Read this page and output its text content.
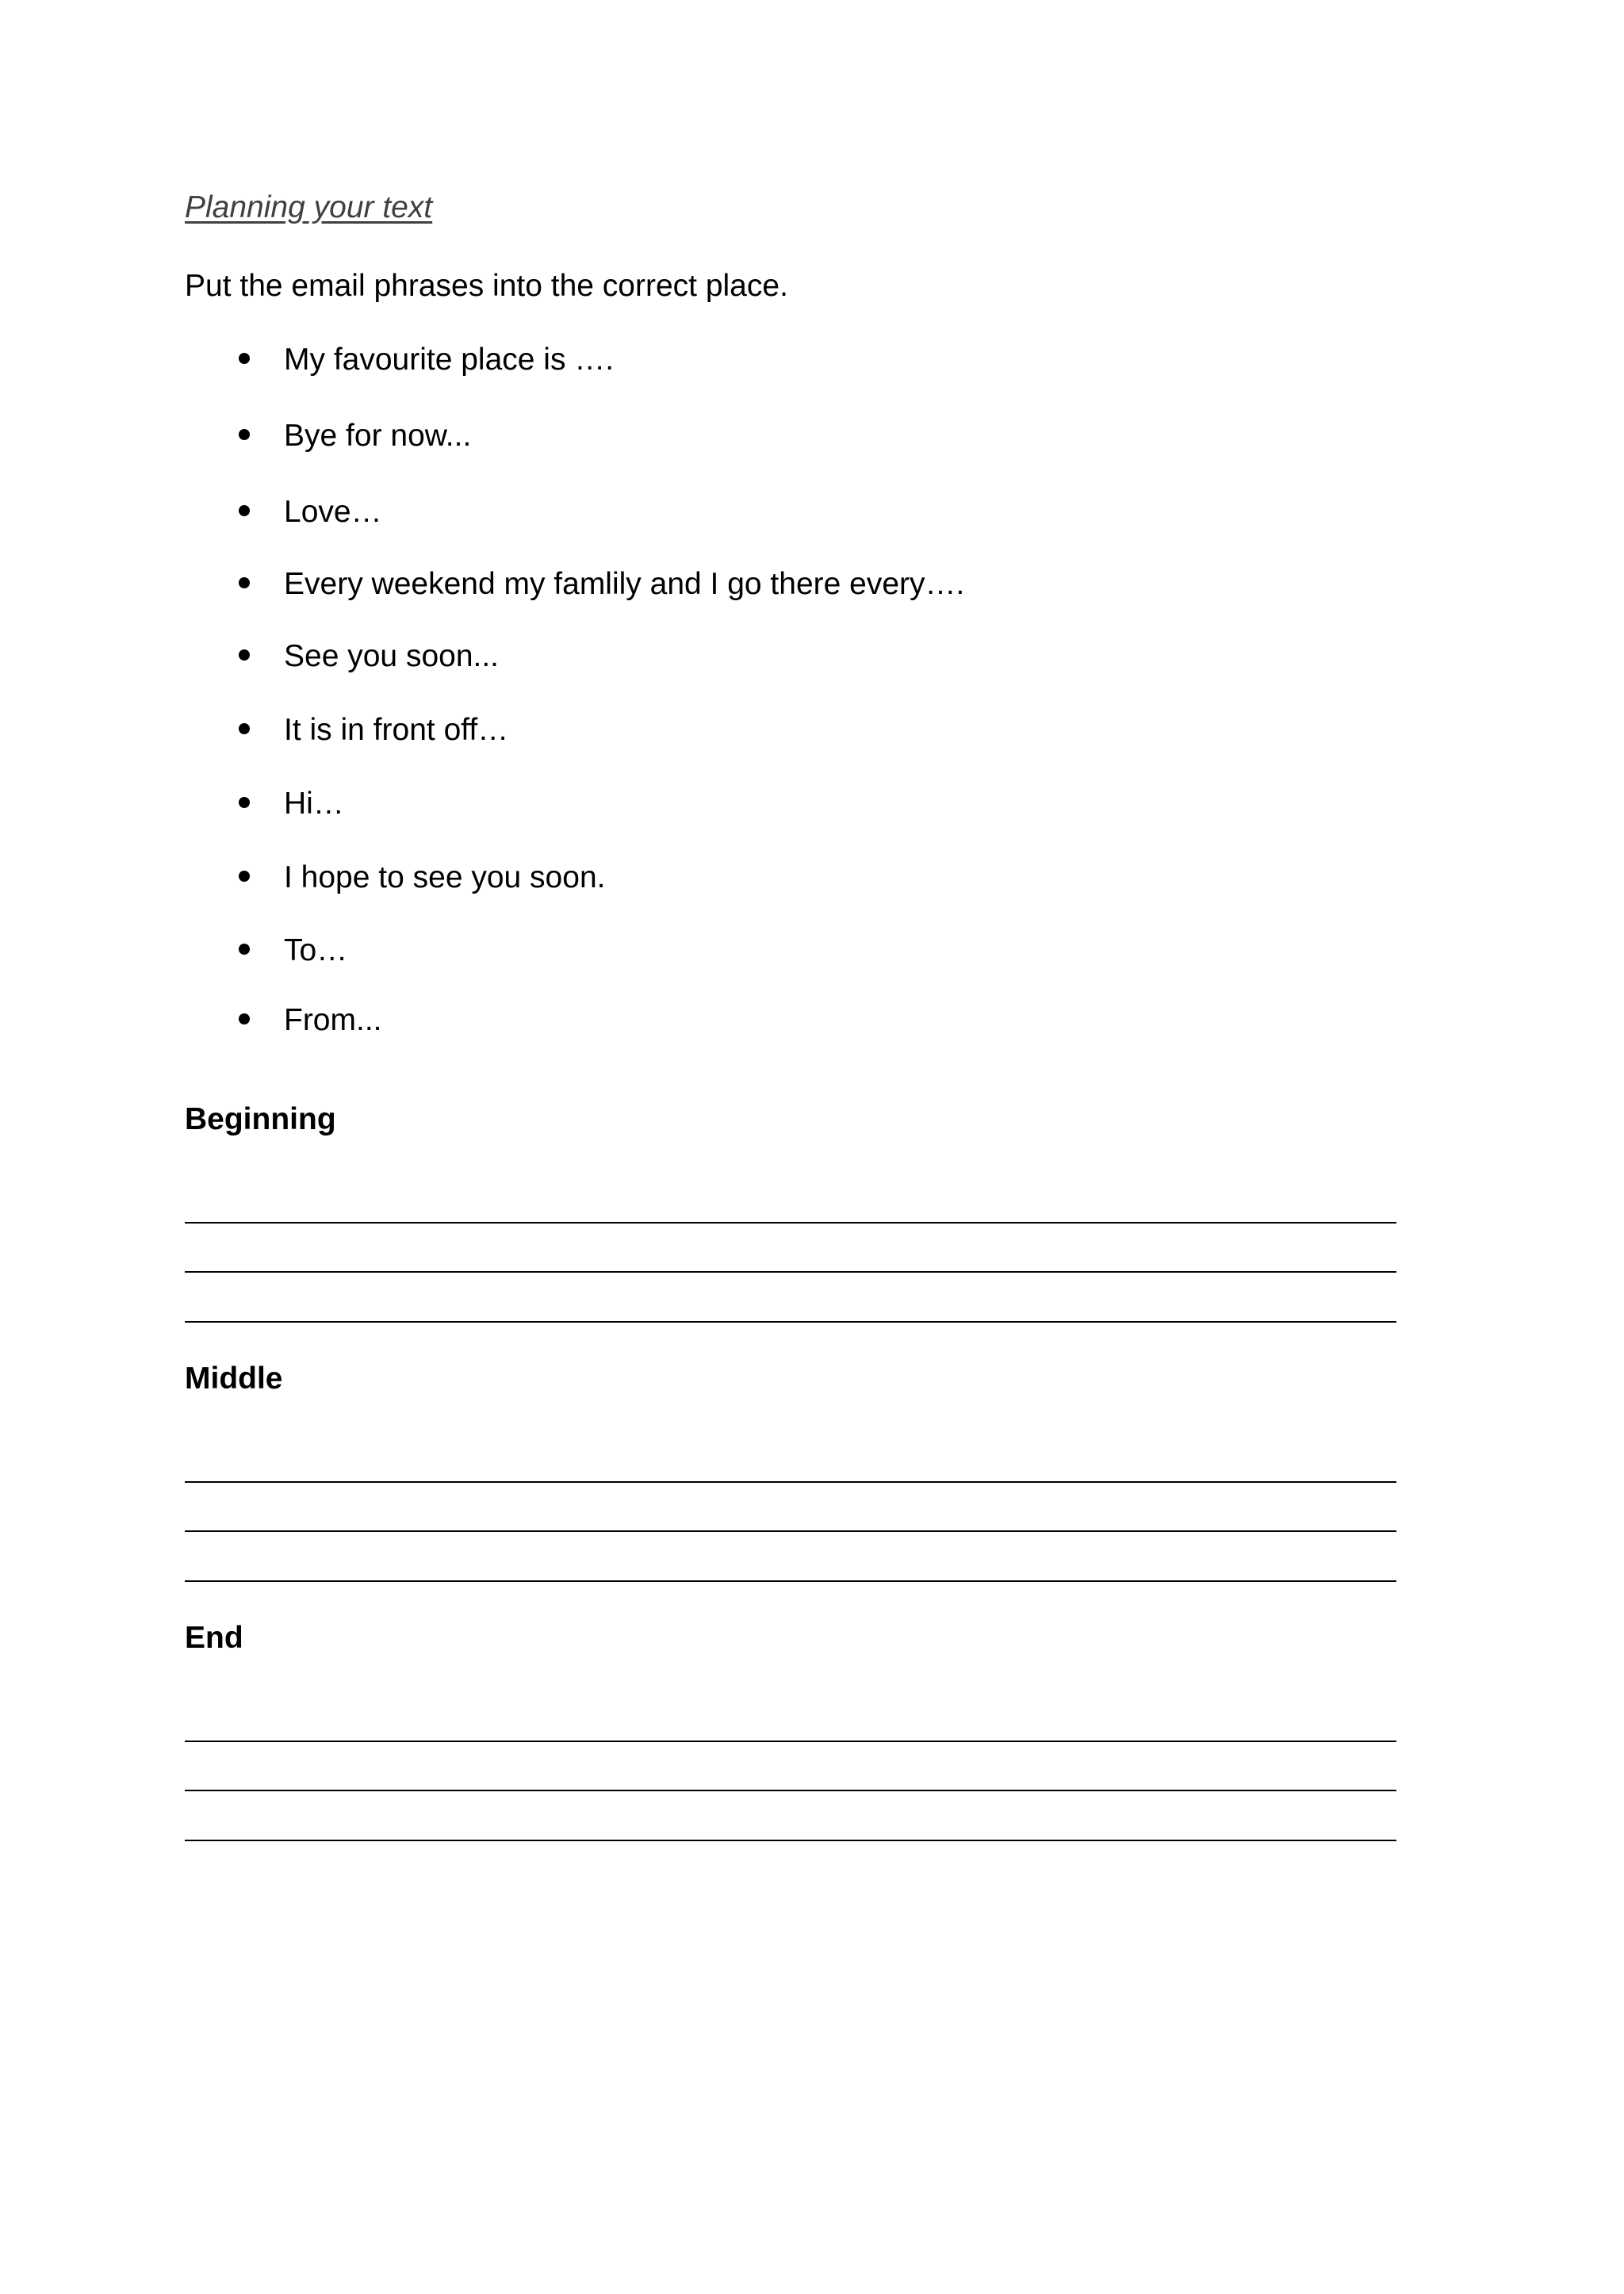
Planning your text
Put the email phrases into the correct place.
My favourite place is ….
Bye for now...
Love…
Every weekend my famlily and I go there every….
See you soon...
It is in front off…
Hi…
I hope to see you soon.
To…
From...
Beginning
Middle
End
